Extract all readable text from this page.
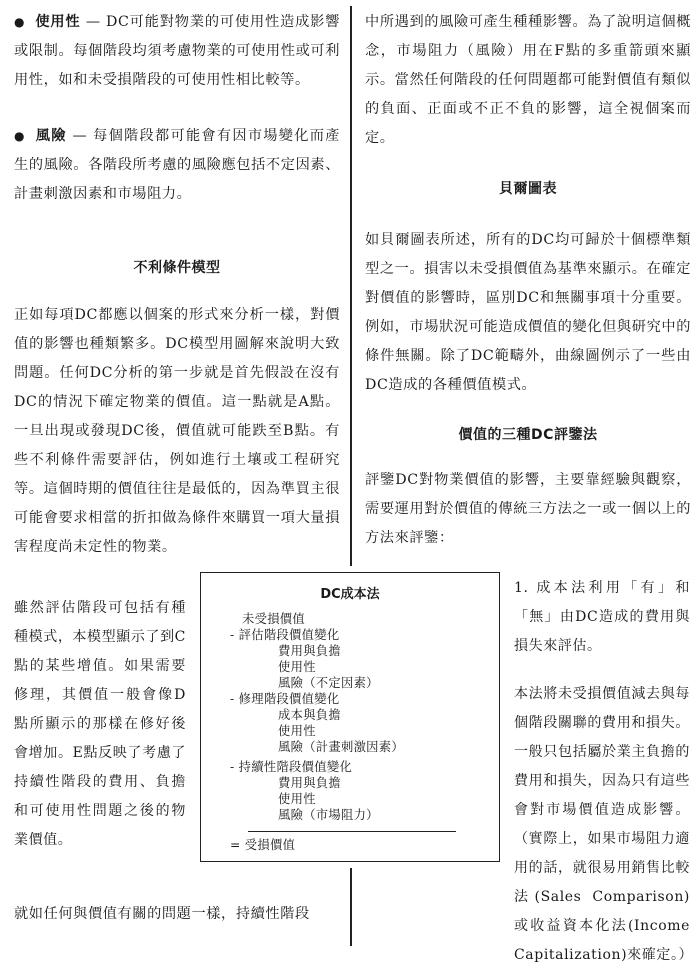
● 使用性 — DC可能對物業的可使用性造成影響或限制。每個階段均須考慮物業的可使用性或可利用性，如和未受損階段的可使用性相比較等。

● 風險 — 每個階段都可能會有因市場變化而產生的風險。各階段所考慮的風險應包括不定因素、計畫刺激因素和市場阻力。

不利條件模型

正如每項DC都應以個案的形式來分析一樣，對價值的影響也種類繁多。DC模型用圖解來說明大致問題。任何DC分析的第一步就是首先假設在沒有DC的情況下確定物業的價值。這一點就是A點。一旦出現或發現DC後，價值就可能跌至B點。有些不利條件需要評估，例如進行土壤或工程研究等。這個時期的價值往往是最低的，因為準買主很可能會要求相當的折扣做為條件來購買一項大量損害程度尚未定性的物業。

雖然評估階段可包括有種種模式，本模型顯示了到C點的某些增值。如果需要修理，其價值一般會像D點所顯示的那樣在修好後會增加。E點反映了考慮了持續性階段的費用、負擔和可使用性問題之後的物業價值。

就如任何與價值有關的問題一樣，持續性階段

中所遇到的風險可產生種種影響。為了說明這個概念，市場阻力（風險）用在F點的多重箭頭來顯示。當然任何階段的任何問題都可能對價值有類似的負面、正面或不正不負的影響，這全視個案而定。

貝爾圖表

如貝爾圖表所述，所有的DC均可歸於十個標準類型之一。損害以未受損價值為基準來顯示。在確定對價值的影響時，區別DC和無關事項十分重要。例如，市場狀況可能造成價值的變化但與研究中的條件無關。除了DC範疇外，曲線圖例示了一些由DC造成的各種價值模式。

價值的三種DC評鑒法

評鑒DC對物業價值的影響，主要靠經驗與觀察，需要運用對於價值的傳統三方法之一或一個以上的方法來評鑒：

1. 成本法利用「有」和「無」由DC造成的費用與損失來評估。

本法將未受損價值減去與每個階段關聯的費用和損失。一般只包括屬於業主負擔的費用和損失，因為只有這些會對市場價值造成影響。（實際上，如果市場阻力適用的話，就很易用銷售比較法(Sales Comparison)或收益資本化法(Income Capitalization)來確定。）

DC成本法
未受損價值
- 評估階段價值變化
費用與負擔
使用性
風險（不定因素）
- 修理階段價值變化
成本與負擔
使用性
風險（計畫刺激因素）
- 持續性階段價值變化
費用與負擔
使用性
風險（市場阻力）
= 受損價值
